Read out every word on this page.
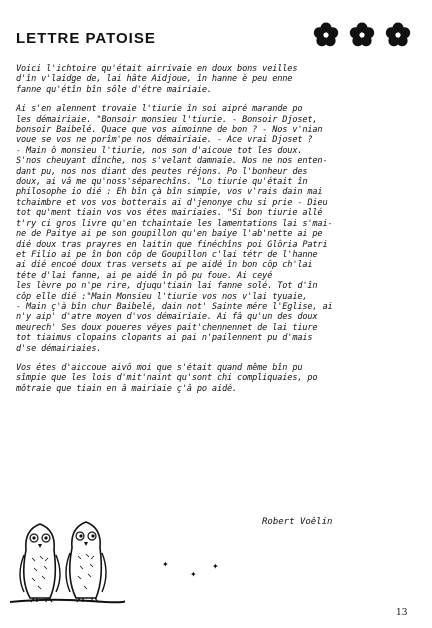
LETTRE PATOISE

Voici l'ichtoire qu'était airrivaie en doux bons veilles
d'în v'laidge de, lai hâte Aidjoue, în hanne è peu enne
fanne qu'étîn bîn sôle d'étre mairiaie.

Ai s'en alennent trovaie l'tiurie în soi aipré marande po
les démairiaie. "Bonsoir monsieu l'tiurie. - Bonsoir Djoset,
bonsoir Baibelé. Quace que vos aimoinne de bon ? - Nos v'nian
voue se vos ne porîm'pe nos démairiaie. - Ace vrai Djoset ?
- Main ô monsieu l'tiurie, nos son d'aicoue tot les doux.
S'nos cheuyant dînche, nos s'velant damnaie. Nos ne nos enten-
dant pu, nos nos diant des peutes réjons. Po l'bonheur des
doux, ai vâ me qu'noss'séparechîns. "Lo tiurie qu'était în
philosophe io dié : Eh bîn çà bîn simpie, vos v'rais dain mai
tchaimbre et vos vos botterais ai d'jenonye chu si prie - Dieu
tot qu'ment tiain vos vos étes mairiaies. "Si bon tiurie allé
t'ry ci gros livre qu'en tchaintaie les lamentations lai s'mai-
ne de Paitye ai pe son goupillon qu'en baiye l'ab'nette ai pe
dié doux tras prayres en laitin que finéchîns poi Glôria Patri
et Filio ai pe în bon côp de Goupillon c'lai tétr de l'hanne
ai dié encoé doux tras versets ai pe aidé în bon côp ch'lai
téte d'lai fanne, ai pe aidé în pô pu foue. Ai ceyé
les lèvre po n'pe rire, djuqu'tiain lai fanne solé. Tot d'în
côp elle dié :"Main Monsieu l'tiurie vos nos v'lai tyuaie,
- Main ç'à bîn chur Baibelé, dain not' Sainte mére l'Eglise, ai
n'y aip' d'atre moyen d'vos démairiaie. Ai fâ qu'un des doux
meurech' Ses doux poueres véyes pait'chennennet de lai tiure
tot tiaimus clopains clopants ai pai n'pailennent pu d'mais
d'se démairiaies.

Vos étes d'aiccoue aivô moi que s'était quand même bîn pu
sîmpie que les lois d'mit'naint qu'sont chi compliquaies, po
môtraie que tiain en â mairiaie ç'â po aidé.

Robert Voêlin
✦
✦
✦
13
